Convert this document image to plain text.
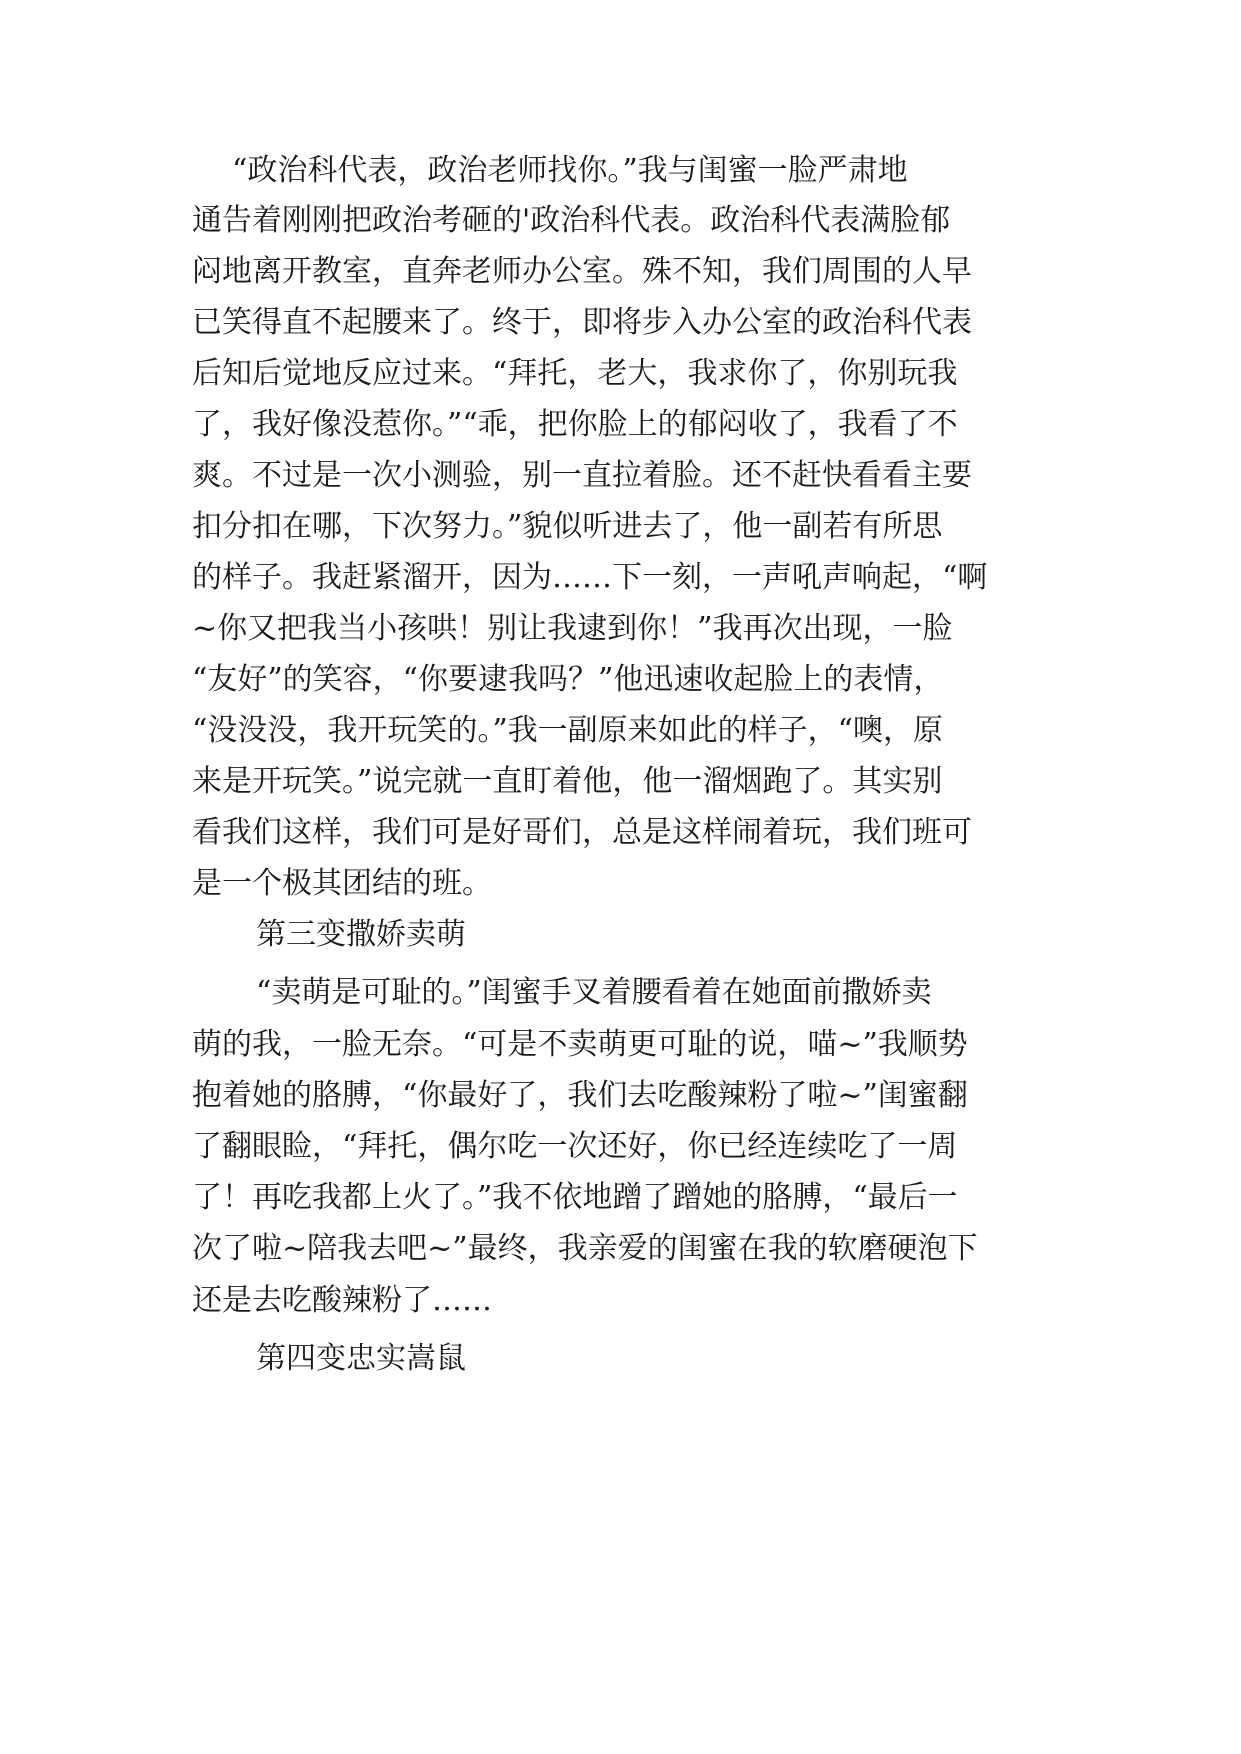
“政治科代表，政治老师找你。”我与闺蜜一脸严肃地
通告着刚刚把政治考砸的'政治科代表。政治科代表满脸郁
闷地离开教室，直奔老师办公室。殊不知，我们周围的人早
已笑得直不起腰来了。终于，即将步入办公室的政治科代表
后知后觉地反应过来。“拜托，老大，我求你了，你别玩我
了，我好像没惹你。”“乖，把你脸上的郁闷收了，我看了不
爽。不过是一次小测验，别一直拉着脸。还不赶快看看主要
扣分扣在哪，下次努力。”貌似听进去了，他一副若有所思
的样子。我赶紧溜开，因为……下一刻，一声吼声响起，“啊
~你又把我当小孩哄！别让我逮到你！”我再次出现，一脸
“友好”的笑容，“你要逮我吗？”他迅速收起脸上的表情，
“没没没，我开玩笑的。”我一副原来如此的样子，“噢，原
来是开玩笑。”说完就一直盯着他，他一溜烟跑了。其实别
看我们这样，我们可是好哥们，总是这样闹着玩，我们班可
是一个极其团结的班。
第三变撒娇卖萌
“卖萌是可耻的。”闺蜜手叉着腰看着在她面前撒娇卖
萌的我，一脸无奈。“可是不卖萌更可耻的说，喵~”我顺势
抱着她的胳膊，“你最好了，我们去吃酸辣粉了啦~”闺蜜翻
了翻眼睑，“拜托，偶尔吃一次还好，你已经连续吃了一周
了！再吃我都上火了。”我不依地蹭了蹭她的胳膊，“最后一
次了啦~陪我去吧~”最终，我亲爱的闺蜜在我的软磨硬泡下
还是去吃酸辣粉了……
第四变忠实嵩鼠
